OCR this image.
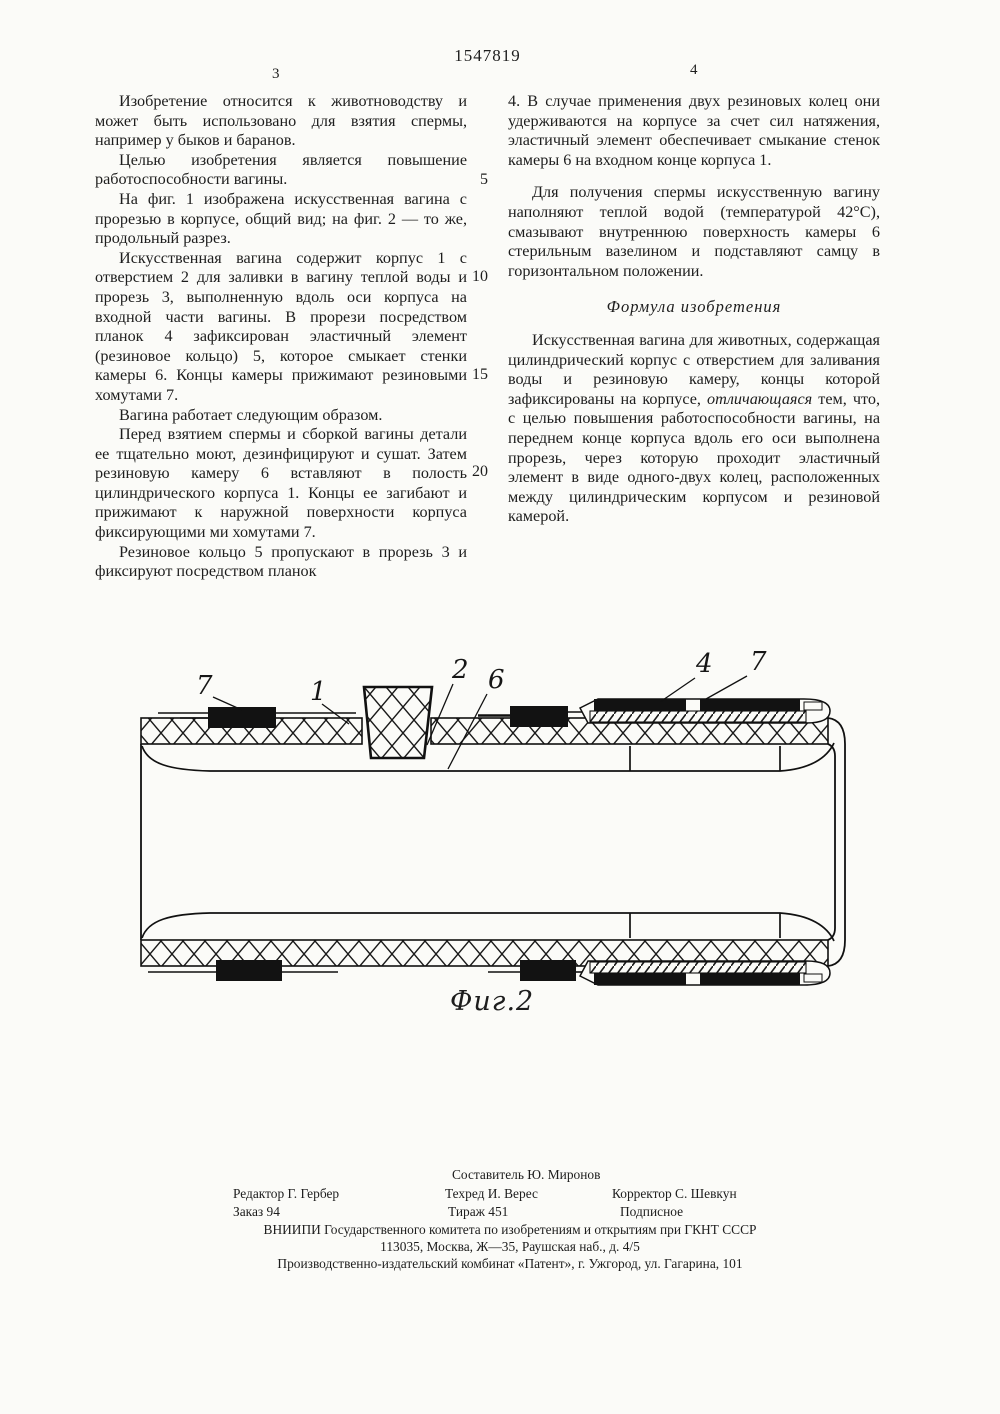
1547819
3	4
5
10
15
20

Изобретение относится к животноводству и может быть использовано для взятия спермы, например у быков и баранов.

Целью изобретения является повышение работоспособности вагины.

На фиг. 1 изображена искусственная вагина с прорезью в корпусе, общий вид; на фиг. 2 — то же, продольный разрез.

Искусственная вагина содержит корпус 1 с отверстием 2 для заливки в вагину теплой воды и прорезь 3, выполненную вдоль оси корпуса на входной части вагины. В прорези посредством планок 4 зафиксирован эластичный элемент (резиновое кольцо) 5, которое смыкает стенки камеры 6. Концы камеры прижимают резиновыми хомутами 7.

Вагина работает следующим образом.

Перед взятием спермы и сборкой вагины детали ее тщательно моют, дезинфицируют и сушат. Затем резиновую камеру 6 вставляют в полость цилиндрического корпуса 1. Концы ее загибают и прижимают к наружной поверхности корпуса фиксирующими ми хомутами 7.

Резиновое кольцо 5 пропускают в прорезь 3 и фиксируют посредством планок

4. В случае применения двух резиновых колец они удерживаются на корпусе за счет сил натяжения, эластичный элемент обеспечивает смыкание стенок камеры 6 на входном конце корпуса 1.

Для получения спермы искусственную вагину наполняют теплой водой (температурой 42°С), смазывают внутреннюю поверхность камеры 6 стерильным вазелином и подставляют самцу в горизонтальном положении.

Формула изобретения

Искусственная вагина для животных, содержащая цилиндрический корпус с отверстием для заливания воды и резиновую камеру, концы которой зафиксированы на корпусе, отличающаяся тем, что, с целью повышения работоспособности вагины, на переднем конце корпуса вдоль его оси выполнена прорезь, через которую проходит эластичный элемент в виде одного-двух колец, расположенных между цилиндрическим корпусом и резиновой камерой.

7	1
2 6
4 7
Фиг.2
Составитель Ю. Миронов
Редактор Г. Гербер	Техред И. Верес	Корректор С. Шевкун
Заказ 94	Тираж 451	Подписное
ВНИИПИ Государственного комитета по изобретениям и открытиям при ГКНТ СССР
113035, Москва, Ж—35, Раушская наб., д. 4/5
Производственно-издательский комбинат «Патент», г. Ужгород, ул. Гагарина, 101
